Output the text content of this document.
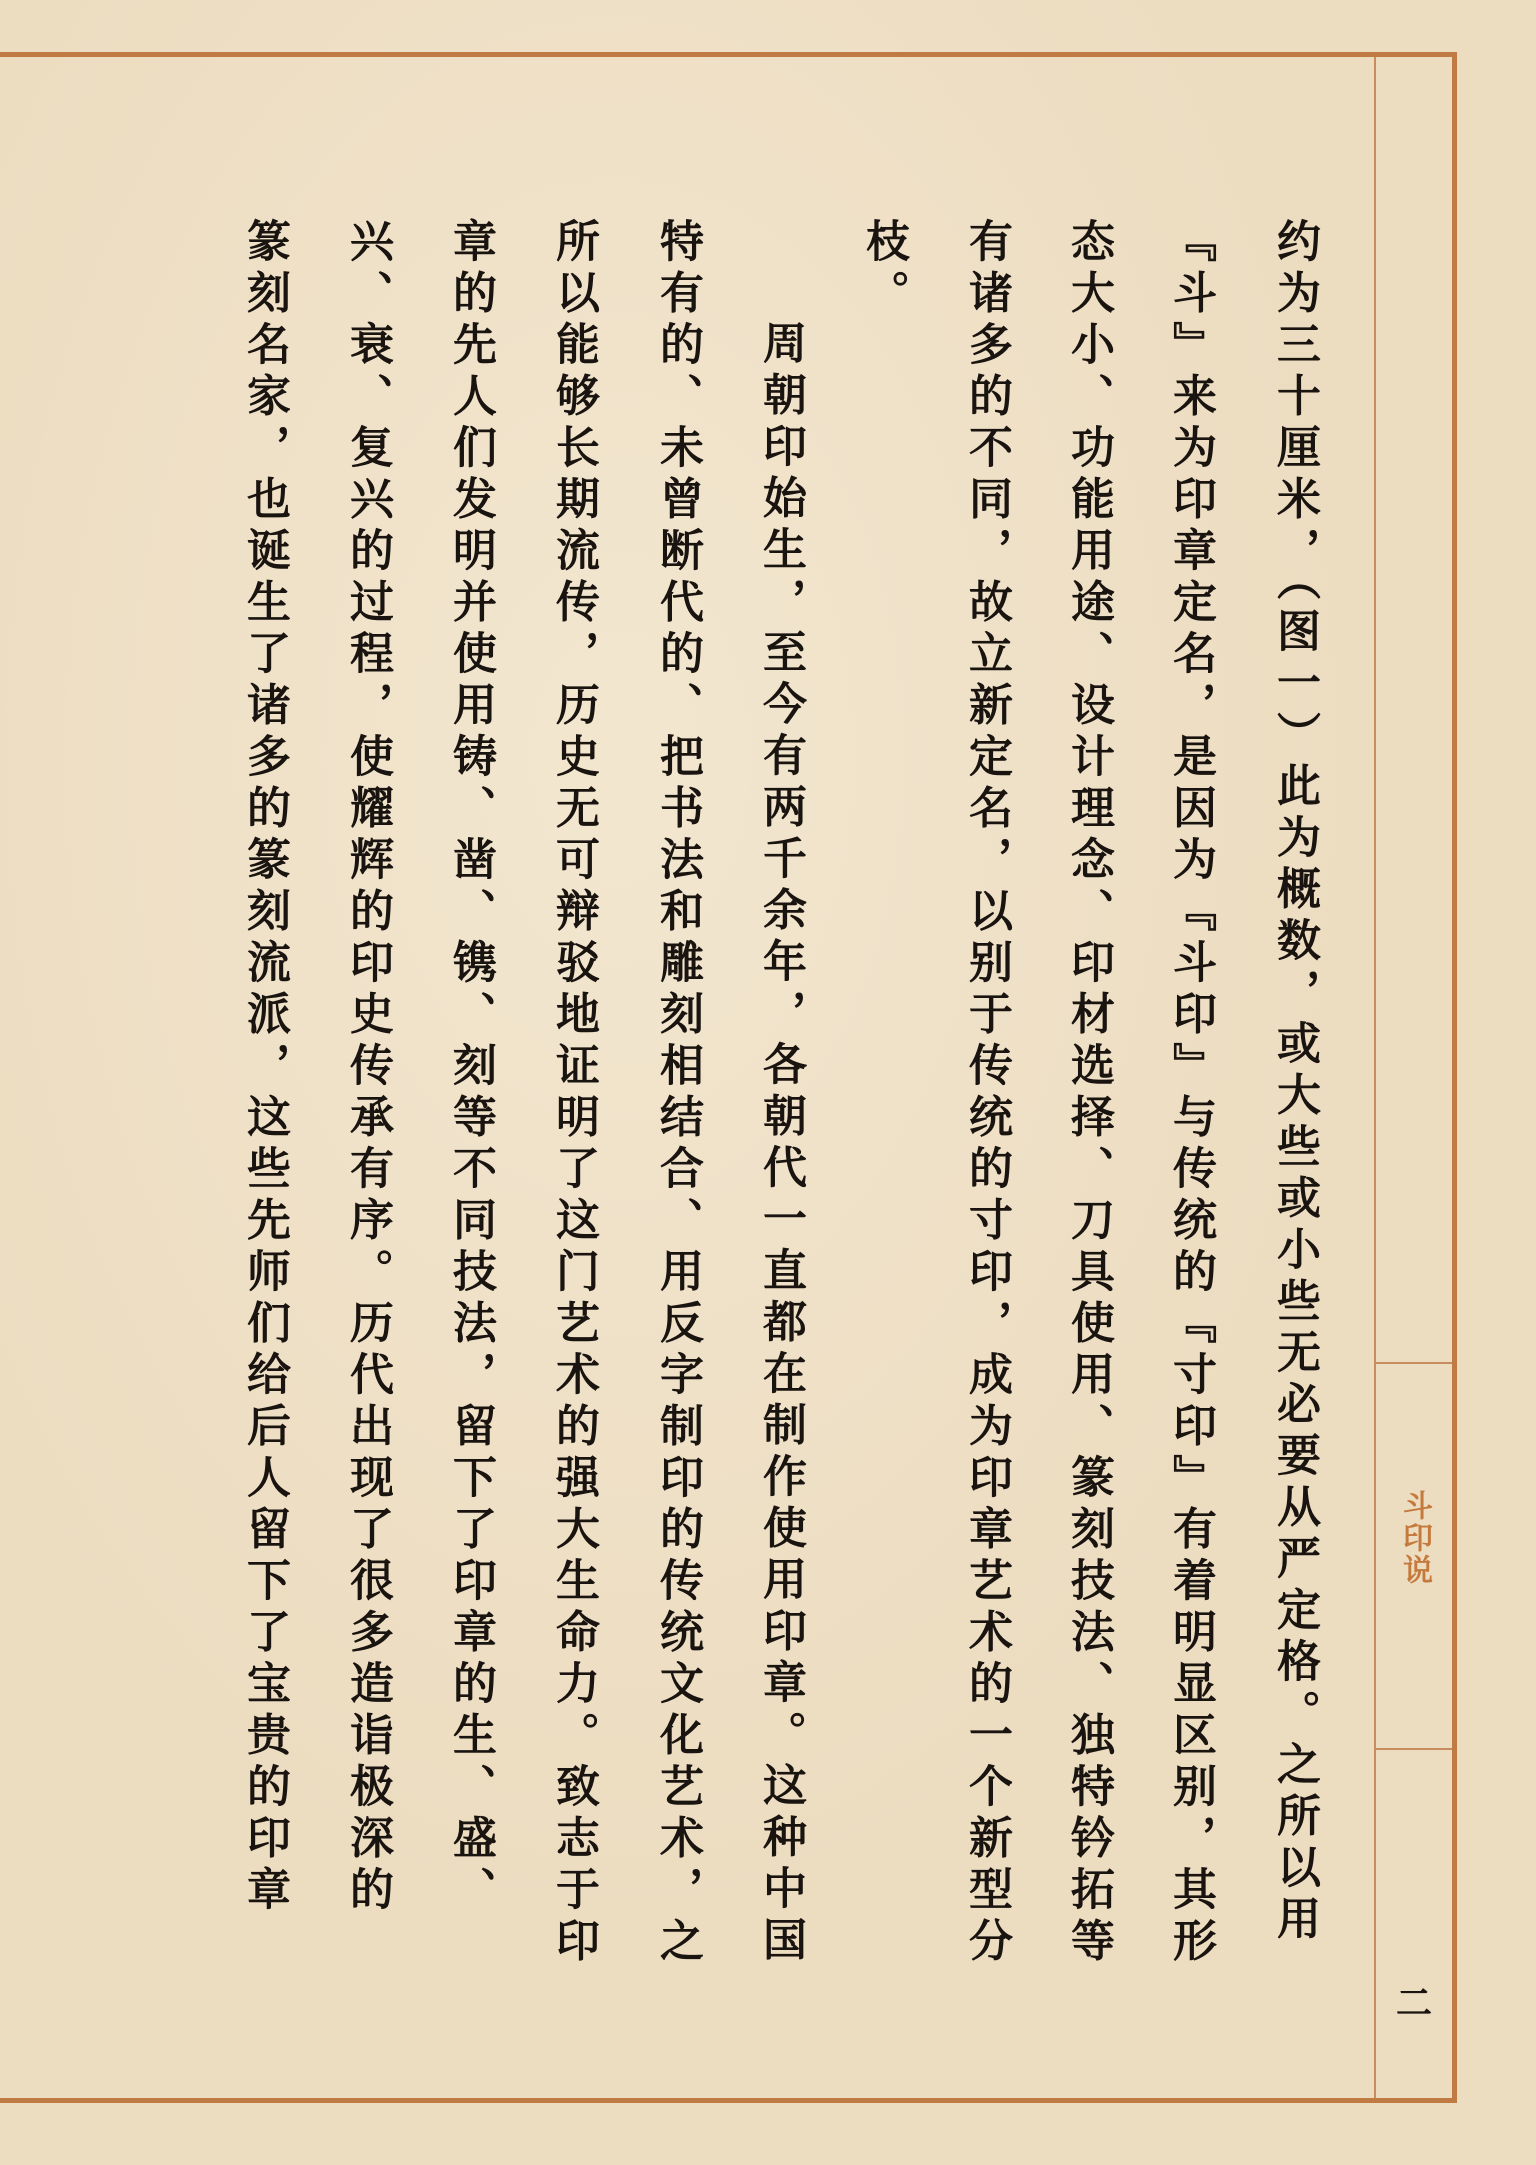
斗印说
二
约为三十厘米，（图一）此为概数，或大些或小些无必要从严定格。之所以用
『斗』来为印章定名，是因为『斗印』与传统的『寸印』有着明显区别，其形
态大小、功能用途、设计理念、印材选择、刀具使用、篆刻技法、独特钤拓等
有诸多的不同，故立新定名，以别于传统的寸印，成为印章艺术的一个新型分
枝。
周朝印始生，至今有两千余年，各朝代一直都在制作使用印章。这种中国
特有的、未曾断代的、把书法和雕刻相结合、用反字制印的传统文化艺术，之
所以能够长期流传，历史无可辩驳地证明了这门艺术的强大生命力。致志于印
章的先人们发明并使用铸、凿、镌、刻等不同技法，留下了印章的生、盛、
兴、衰、复兴的过程，使耀辉的印史传承有序。历代出现了很多造诣极深的
篆刻名家，也诞生了诸多的篆刻流派，这些先师们给后人留下了宝贵的印章
